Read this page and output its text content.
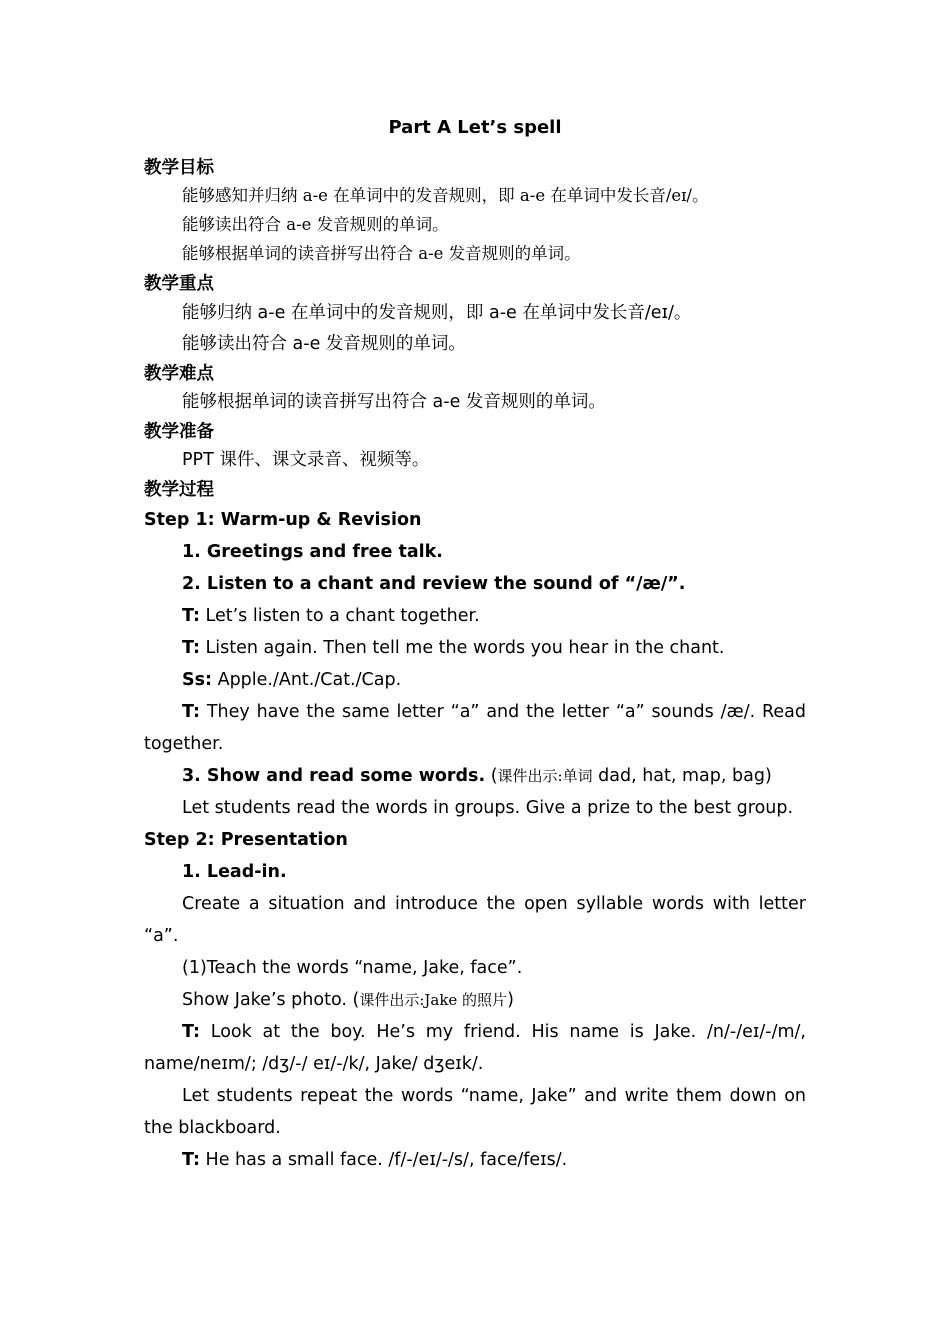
Part A Let’s spell
教学目标
能够感知并归纳 a-e 在单词中的发音规则，即 a-e 在单词中发长音/eɪ/。
能够读出符合 a-e 发音规则的单词。
能够根据单词的读音拼写出符合 a-e 发音规则的单词。
教学重点
能够归纳 a-e 在单词中的发音规则，即 a-e 在单词中发长音/eɪ/。
能够读出符合 a-e 发音规则的单词。
教学难点
能够根据单词的读音拼写出符合 a-e 发音规则的单词。
教学准备
PPT 课件、课文录音、视频等。
教学过程
Step 1: Warm-up & Revision
1. Greetings and free talk.
2. Listen to a chant and review the sound of “/æ/”.
T: Let’s listen to a chant together.
T: Listen again. Then tell me the words you hear in the chant.
Ss: Apple./Ant./Cat./Cap.
T: They have the same letter “a” and the letter “a” sounds /æ/. Read together.
3. Show and read some words. (课件出示:单词 dad, hat, map, bag)
Let students read the words in groups. Give a prize to the best group.
Step 2: Presentation
1. Lead-in.
Create a situation and introduce the open syllable words with letter “a”.
(1)Teach the words “name, Jake, face”.
Show Jake’s photo. (课件出示:Jake 的照片)
T: Look at the boy. He’s my friend. His name is Jake. /n/-/eɪ/-/m/, name/neɪm/; /dʒ/-/ eɪ/-/k/, Jake/ dʒeɪk/.
Let students repeat the words “name, Jake” and write them down on the blackboard.
T: He has a small face. /f/-/eɪ/-/s/, face/feɪs/.
